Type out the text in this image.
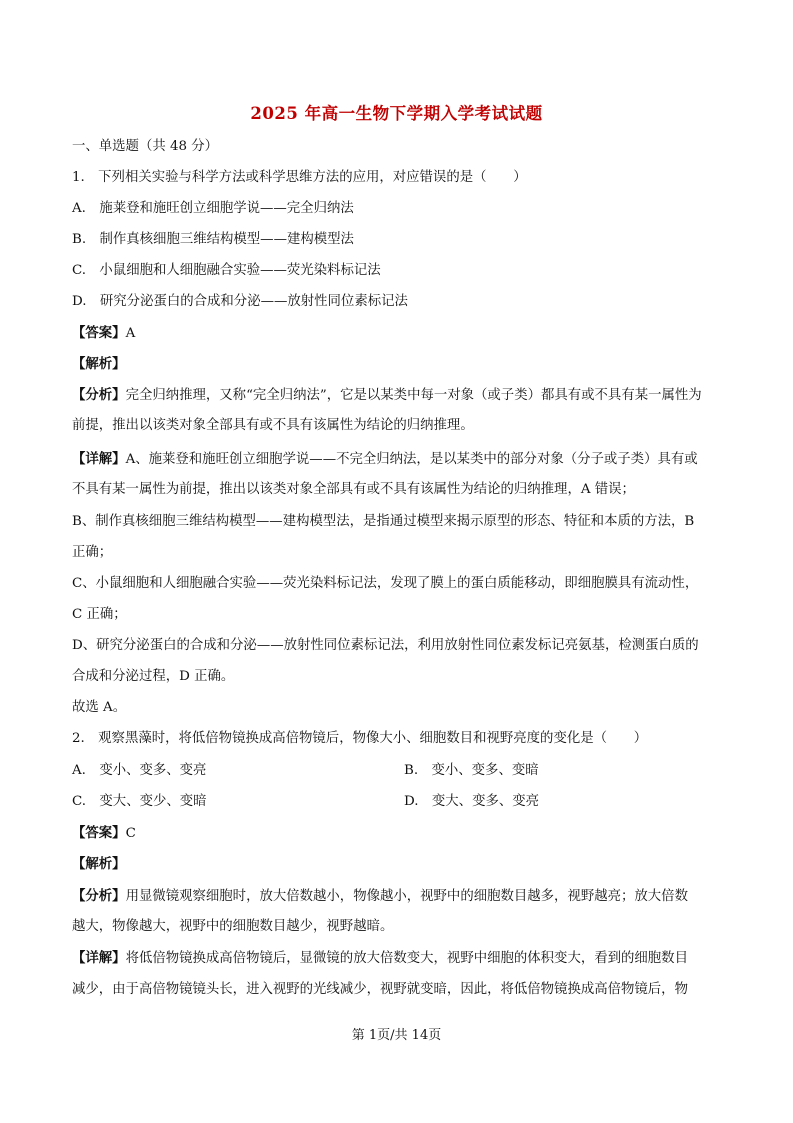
2025 年高一生物下学期入学考试试题
一、单选题（共 48 分）
1.　下列相关实验与科学方法或科学思维方法的应用，对应错误的是（　　）
A.　施莱登和施旺创立细胞学说——完全归纳法
B.　制作真核细胞三维结构模型——建构模型法
C.　小鼠细胞和人细胞融合实验——荧光染料标记法
D.　研究分泌蛋白的合成和分泌——放射性同位素标记法
【答案】A
【解析】
【分析】完全归纳推理，又称“完全归纳法”，它是以某类中每一对象（或子类）都具有或不具有某一属性为
前提，推出以该类对象全部具有或不具有该属性为结论的归纳推理。
【详解】A、施莱登和施旺创立细胞学说——不完全归纳法，是以某类中的部分对象（分子或子类）具有或
不具有某一属性为前提，推出以该类对象全部具有或不具有该属性为结论的归纳推理，A 错误；
B、制作真核细胞三维结构模型——建构模型法，是指通过模型来揭示原型的形态、特征和本质的方法，B
正确；
C、小鼠细胞和人细胞融合实验——荧光染料标记法，发现了膜上的蛋白质能移动，即细胞膜具有流动性，
C 正确；
D、研究分泌蛋白的合成和分泌——放射性同位素标记法，利用放射性同位素发标记亮氨基，检测蛋白质的
合成和分泌过程，D 正确。
故选 A。
2.　观察黑藻时，将低倍物镜换成高倍物镜后，物像大小、细胞数目和视野亮度的变化是（　　）
A.　变小、变多、变亮	B.　变小、变多、变暗
C.　变大、变少、变暗	D.　变大、变多、变亮
【答案】C
【解析】
【分析】用显微镜观察细胞时，放大倍数越小，物像越小，视野中的细胞数目越多，视野越亮；放大倍数
越大，物像越大，视野中的细胞数目越少，视野越暗。
【详解】将低倍物镜换成高倍物镜后，显微镜的放大倍数变大，视野中细胞的体积变大，看到的细胞数目
减少，由于高倍物镜镜头长，进入视野的光线减少，视野就变暗，因此，将低倍物镜换成高倍物镜后，物
第 1页/共 14页
